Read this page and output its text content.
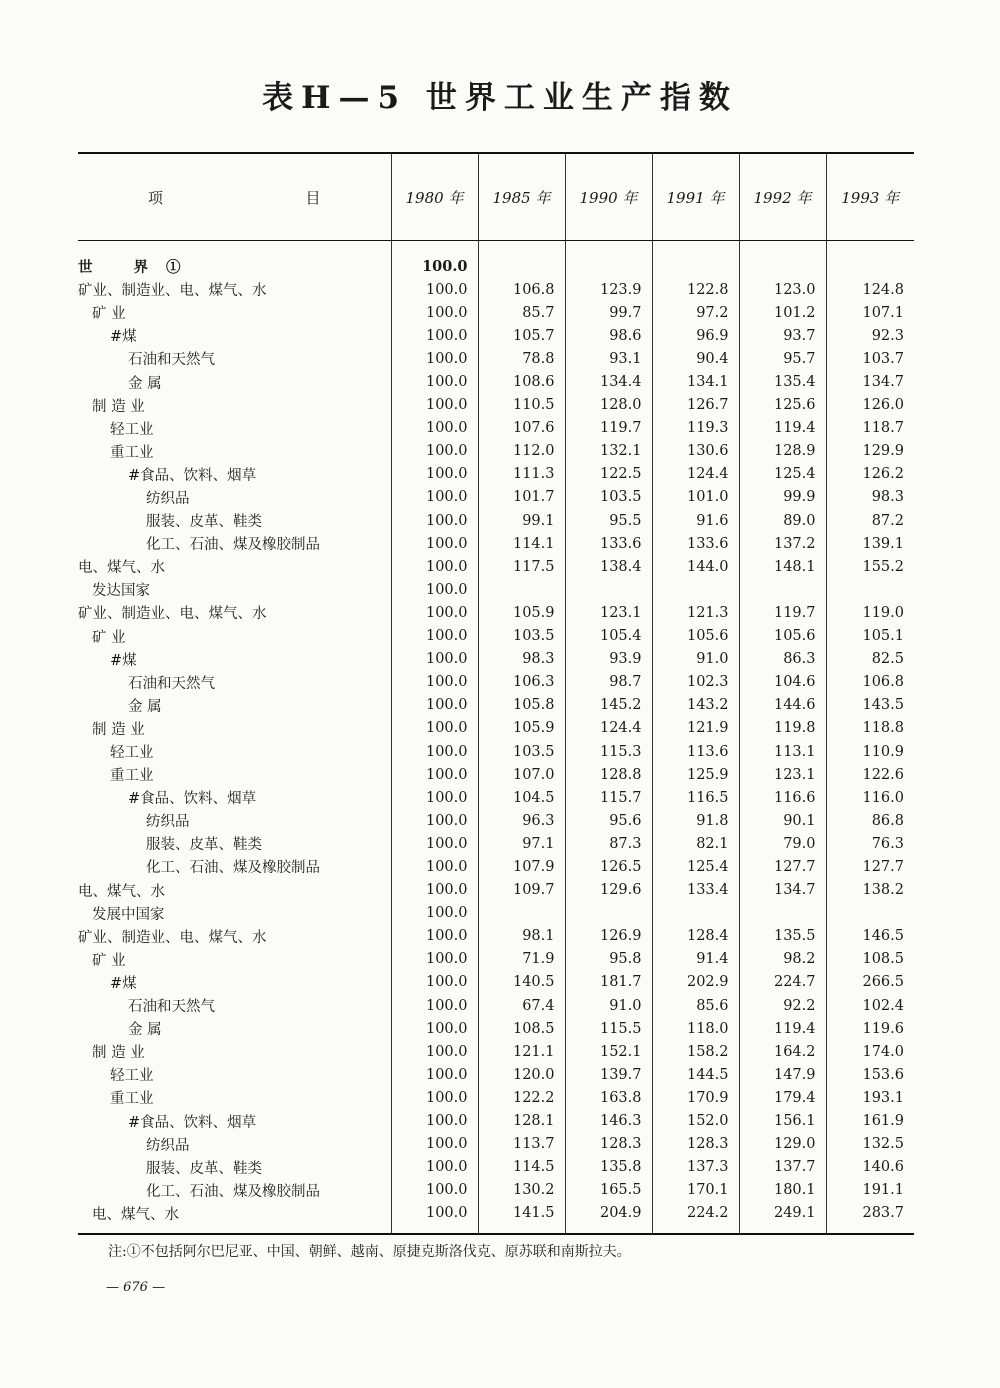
表H—5 世界工业生产指数
项 目	1980 年	1985 年	1990 年	1991 年	1992 年	1993 年
世 界①	100.0					
矿业、制造业、电、煤气、水	100.0	106.8	123.9	122.8	123.0	124.8
矿 业	100.0	85.7	99.7	97.2	101.2	107.1
#煤	100.0	105.7	98.6	96.9	93.7	92.3
石油和天然气	100.0	78.8	93.1	90.4	95.7	103.7
金 属	100.0	108.6	134.4	134.1	135.4	134.7
制 造 业	100.0	110.5	128.0	126.7	125.6	126.0
轻工业	100.0	107.6	119.7	119.3	119.4	118.7
重工业	100.0	112.0	132.1	130.6	128.9	129.9
#食品、饮料、烟草	100.0	111.3	122.5	124.4	125.4	126.2
纺织品	100.0	101.7	103.5	101.0	99.9	98.3
服装、皮革、鞋类	100.0	99.1	95.5	91.6	89.0	87.2
化工、石油、煤及橡胶制品	100.0	114.1	133.6	133.6	137.2	139.1
电、煤气、水	100.0	117.5	138.4	144.0	148.1	155.2
发达国家	100.0					
矿业、制造业、电、煤气、水	100.0	105.9	123.1	121.3	119.7	119.0
矿 业	100.0	103.5	105.4	105.6	105.6	105.1
#煤	100.0	98.3	93.9	91.0	86.3	82.5
石油和天然气	100.0	106.3	98.7	102.3	104.6	106.8
金 属	100.0	105.8	145.2	143.2	144.6	143.5
制 造 业	100.0	105.9	124.4	121.9	119.8	118.8
轻工业	100.0	103.5	115.3	113.6	113.1	110.9
重工业	100.0	107.0	128.8	125.9	123.1	122.6
#食品、饮料、烟草	100.0	104.5	115.7	116.5	116.6	116.0
纺织品	100.0	96.3	95.6	91.8	90.1	86.8
服装、皮革、鞋类	100.0	97.1	87.3	82.1	79.0	76.3
化工、石油、煤及橡胶制品	100.0	107.9	126.5	125.4	127.7	127.7
电、煤气、水	100.0	109.7	129.6	133.4	134.7	138.2
发展中国家	100.0					
矿业、制造业、电、煤气、水	100.0	98.1	126.9	128.4	135.5	146.5
矿 业	100.0	71.9	95.8	91.4	98.2	108.5
#煤	100.0	140.5	181.7	202.9	224.7	266.5
石油和天然气	100.0	67.4	91.0	85.6	92.2	102.4
金 属	100.0	108.5	115.5	118.0	119.4	119.6
制 造 业	100.0	121.1	152.1	158.2	164.2	174.0
轻工业	100.0	120.0	139.7	144.5	147.9	153.6
重工业	100.0	122.2	163.8	170.9	179.4	193.1
#食品、饮料、烟草	100.0	128.1	146.3	152.0	156.1	161.9
纺织品	100.0	113.7	128.3	128.3	129.0	132.5
服装、皮革、鞋类	100.0	114.5	135.8	137.3	137.7	140.6
化工、石油、煤及橡胶制品	100.0	130.2	165.5	170.1	180.1	191.1
电、煤气、水	100.0	141.5	204.9	224.2	249.1	283.7
注:①不包括阿尔巴尼亚、中国、朝鲜、越南、原捷克斯洛伐克、原苏联和南斯拉夫。
— 676 —
